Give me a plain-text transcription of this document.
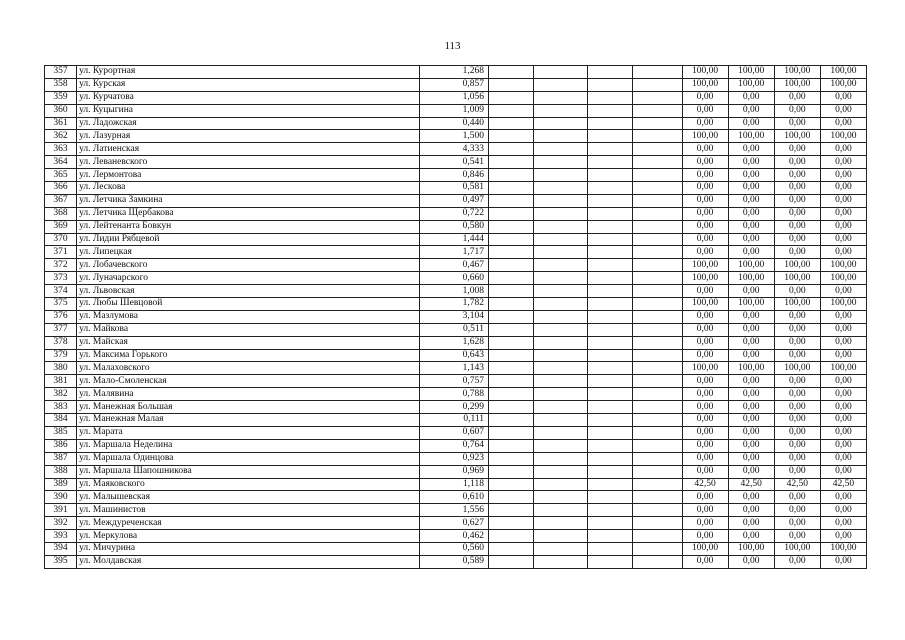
113
357	ул. Курортная	1,268					100,00	100,00	100,00	100,00
358	ул. Курская	0,857					100,00	100,00	100,00	100,00
359	ул. Курчатова	1,056					0,00	0,00	0,00	0,00
360	ул. Куцыгина	1,009					0,00	0,00	0,00	0,00
361	ул. Ладожская	0,440					0,00	0,00	0,00	0,00
362	ул. Лазурная	1,500					100,00	100,00	100,00	100,00
363	ул. Латиенская	4,333					0,00	0,00	0,00	0,00
364	ул. Леваневского	0,541					0,00	0,00	0,00	0,00
365	ул. Лермонтова	0,846					0,00	0,00	0,00	0,00
366	ул. Лескова	0,581					0,00	0,00	0,00	0,00
367	ул. Летчика Замкина	0,497					0,00	0,00	0,00	0,00
368	ул. Летчика Щербакова	0,722					0,00	0,00	0,00	0,00
369	ул. Лейтенанта Бовкун	0,580					0,00	0,00	0,00	0,00
370	ул. Лидии Рябцевой	1,444					0,00	0,00	0,00	0,00
371	ул. Липецкая	1,717					0,00	0,00	0,00	0,00
372	ул. Лобачевского	0,467					100,00	100,00	100,00	100,00
373	ул. Луначарского	0,660					100,00	100,00	100,00	100,00
374	ул. Львовская	1,008					0,00	0,00	0,00	0,00
375	ул. Любы Шевцовой	1,782					100,00	100,00	100,00	100,00
376	ул. Мазлумова	3,104					0,00	0,00	0,00	0,00
377	ул. Майкова	0,511					0,00	0,00	0,00	0,00
378	ул. Майская	1,628					0,00	0,00	0,00	0,00
379	ул. Максима Горького	0,643					0,00	0,00	0,00	0,00
380	ул. Малаховского	1,143					100,00	100,00	100,00	100,00
381	ул. Мало-Смоленская	0,757					0,00	0,00	0,00	0,00
382	ул. Малявина	0,788					0,00	0,00	0,00	0,00
383	ул. Манежная Большая	0,299					0,00	0,00	0,00	0,00
384	ул. Манежная Малая	0,111					0,00	0,00	0,00	0,00
385	ул. Марата	0,607					0,00	0,00	0,00	0,00
386	ул. Маршала Неделина	0,764					0,00	0,00	0,00	0,00
387	ул. Маршала Одинцова	0,923					0,00	0,00	0,00	0,00
388	ул. Маршала Шапошникова	0,969					0,00	0,00	0,00	0,00
389	ул. Маяковского	1,118					42,50	42,50	42,50	42,50
390	ул. Малышевская	0,610					0,00	0,00	0,00	0,00
391	ул. Машинистов	1,556					0,00	0,00	0,00	0,00
392	ул. Междуреченская	0,627					0,00	0,00	0,00	0,00
393	ул. Меркулова	0,462					0,00	0,00	0,00	0,00
394	ул. Мичурина	0,560					100,00	100,00	100,00	100,00
395	ул. Молдавская	0,589					0,00	0,00	0,00	0,00
